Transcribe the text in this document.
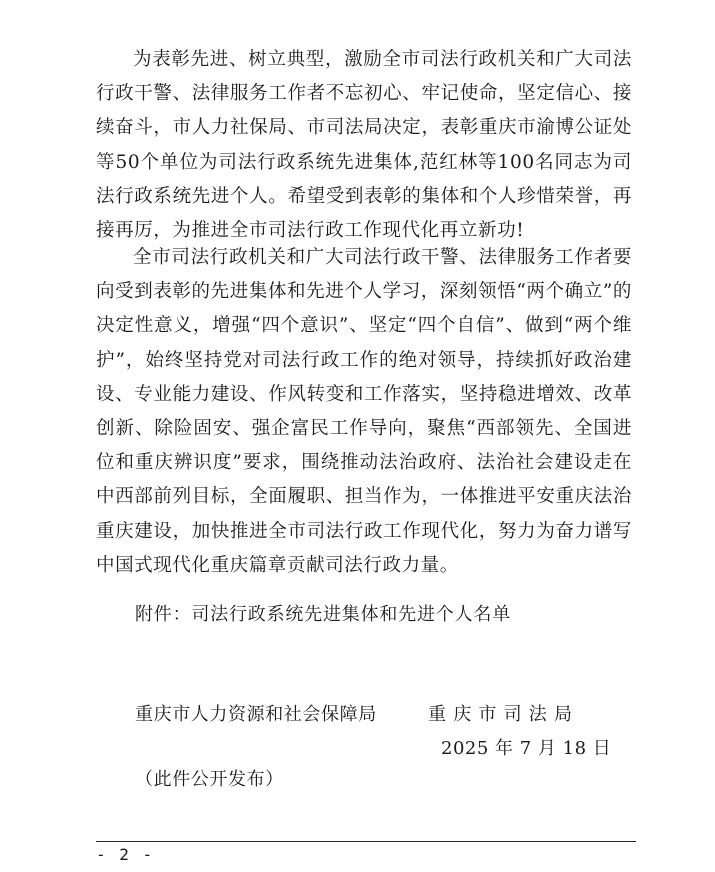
为表彰先进、树立典型，激励全市司法行政机关和广大司法行政干警、法律服务工作者不忘初心、牢记使命，坚定信心、接续奋斗，市人力社保局、市司法局决定，表彰重庆市渝博公证处等50个单位为司法行政系统先进集体,范红林等100名同志为司法行政系统先进个人。希望受到表彰的集体和个人珍惜荣誉，再接再厉，为推进全市司法行政工作现代化再立新功!

全市司法行政机关和广大司法行政干警、法律服务工作者要向受到表彰的先进集体和先进个人学习，深刻领悟“两个确立”的决定性意义，增强“四个意识”、坚定“四个自信”、做到“两个维护”，始终坚持党对司法行政工作的绝对领导，持续抓好政治建设、专业能力建设、作风转变和工作落实，坚持稳进增效、改革创新、除险固安、强企富民工作导向，聚焦“西部领先、全国进位和重庆辨识度”要求，围绕推动法治政府、法治社会建设走在中西部前列目标，全面履职、担当作为，一体推进平安重庆法治重庆建设，加快推进全市司法行政工作现代化，努力为奋力谱写中国式现代化重庆篇章贡献司法行政力量。

附件：司法行政系统先进集体和先进个人名单
重庆市人力资源和社会保障局	重庆市司法局
2025 年 7 月 18 日
（此件公开发布）
- 2 -
